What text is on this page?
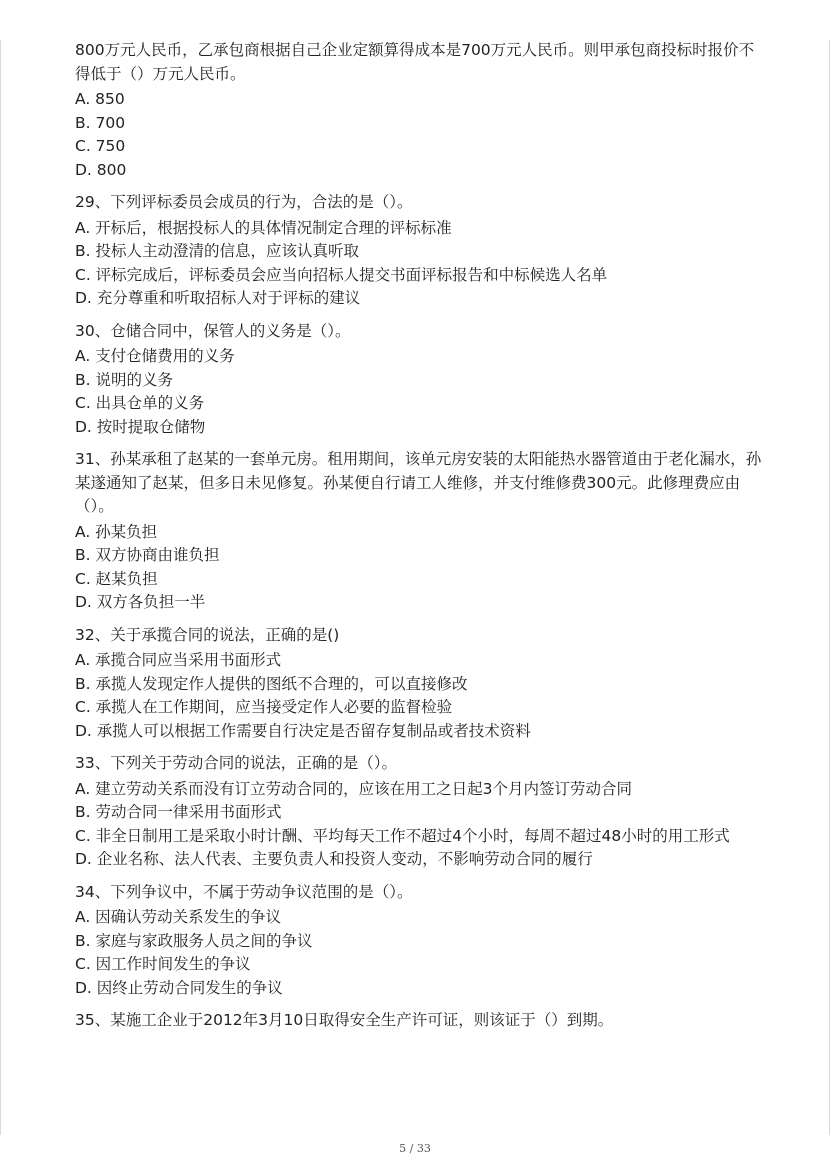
800万元人民币，乙承包商根据自己企业定额算得成本是700万元人民币。则甲承包商投标时报价不得低于（）万元人民币。

A. 850

B. 700

C. 750

D. 800

29、下列评标委员会成员的行为，合法的是（）。

A. 开标后，根据投标人的具体情况制定合理的评标标准

B. 投标人主动澄清的信息，应该认真听取

C. 评标完成后，评标委员会应当向招标人提交书面评标报告和中标候选人名单

D. 充分尊重和听取招标人对于评标的建议

30、仓储合同中，保管人的义务是（）。

A. 支付仓储费用的义务

B. 说明的义务

C. 出具仓单的义务

D. 按时提取仓储物

31、孙某承租了赵某的一套单元房。租用期间，该单元房安装的太阳能热水器管道由于老化漏水，孙某遂通知了赵某，但多日未见修复。孙某便自行请工人维修，并支付维修费300元。此修理费应由（）。

A. 孙某负担

B. 双方协商由谁负担

C. 赵某负担

D. 双方各负担一半

32、关于承揽合同的说法，正确的是()

A. 承揽合同应当采用书面形式

B. 承揽人发现定作人提供的图纸不合理的，可以直接修改

C. 承揽人在工作期间，应当接受定作人必要的监督检验

D. 承揽人可以根据工作需要自行决定是否留存复制品或者技术资料

33、下列关于劳动合同的说法，正确的是（）。

A. 建立劳动关系而没有订立劳动合同的，应该在用工之日起3个月内签订劳动合同

B. 劳动合同一律采用书面形式

C. 非全日制用工是采取小时计酬、平均每天工作不超过4个小时，每周不超过48小时的用工形式

D. 企业名称、法人代表、主要负责人和投资人变动，不影响劳动合同的履行

34、下列争议中，不属于劳动争议范围的是（）。

A. 因确认劳动关系发生的争议

B. 家庭与家政服务人员之间的争议

C. 因工作时间发生的争议

D. 因终止劳动合同发生的争议

35、某施工企业于2012年3月10日取得安全生产许可证，则该证于（）到期。

5 / 33
